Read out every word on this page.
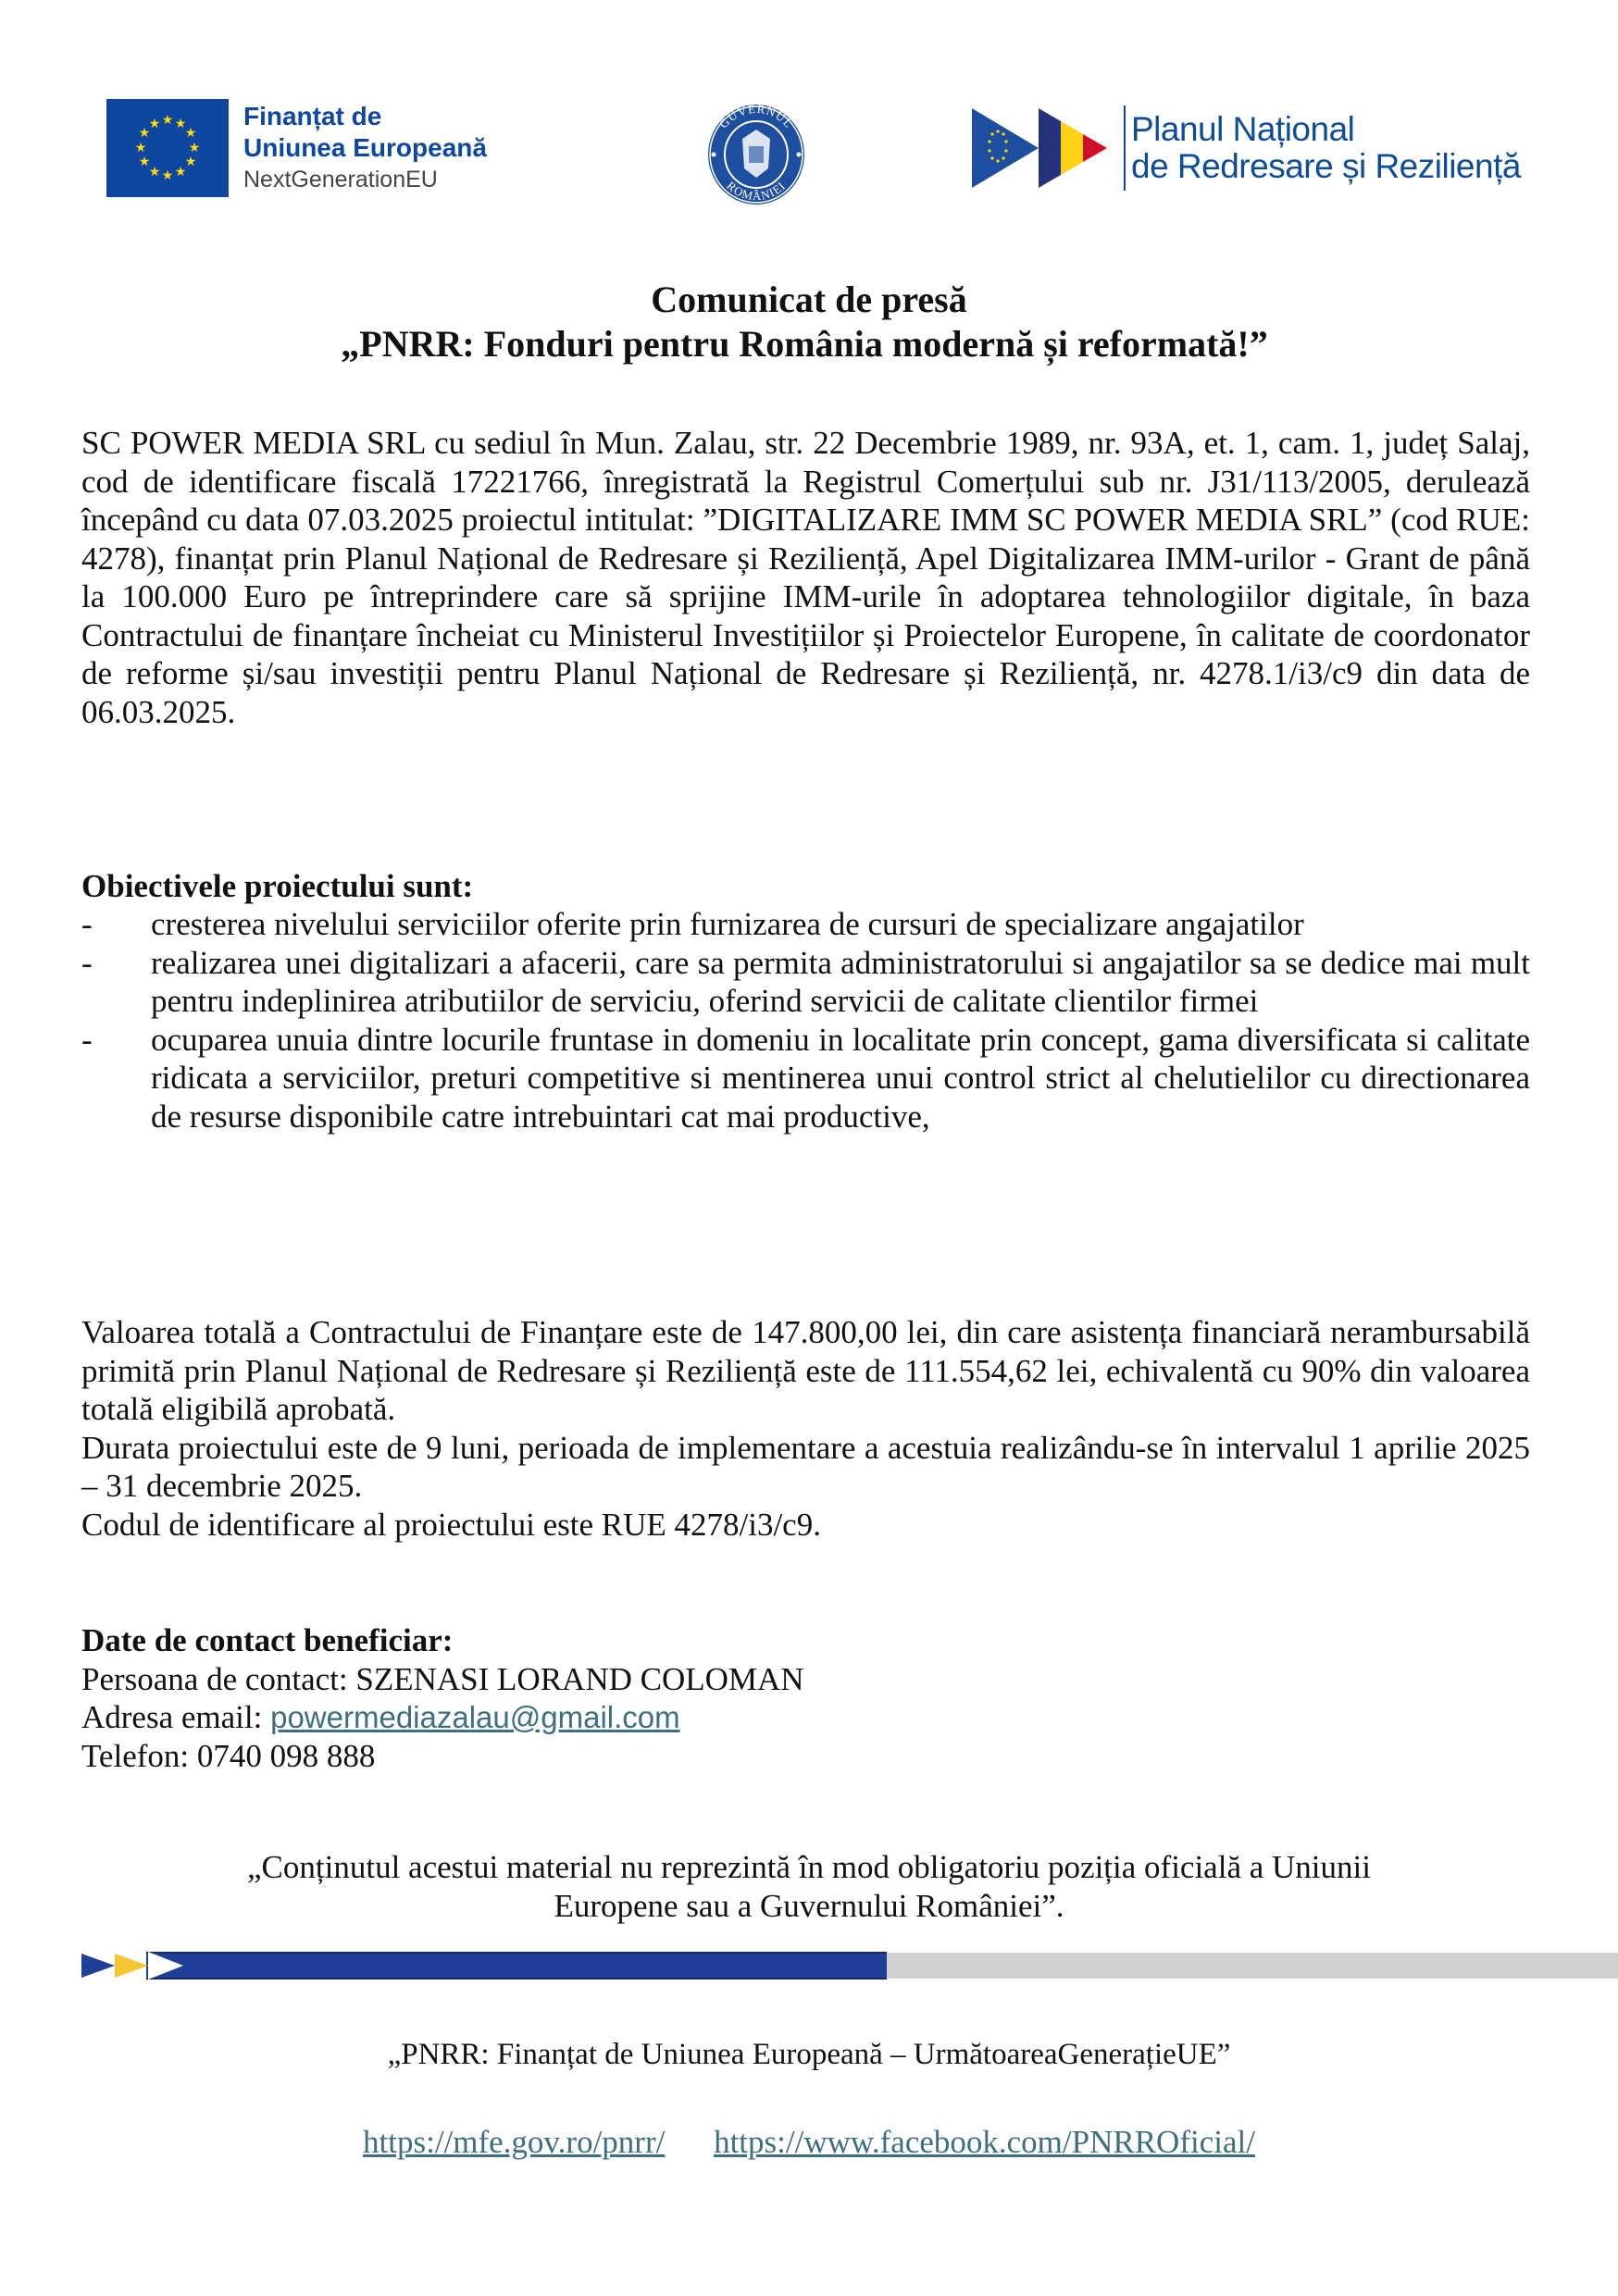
★ ★
★
★
★
★
★
★
★
★
★
★	Finanțat de
Uniunea Europeană
NextGenerationEU
GUVERNUL
ROMÂNIEI
Planul Național
de Redresare și Reziliență
Comunicat de presă
„PNRR: Fonduri pentru România modernă și reformată!”
SC POWER MEDIA SRL cu sediul în Mun. Zalau, str. 22 Decembrie 1989, nr. 93A, et. 1, cam. 1, județ Salaj, cod de identificare fiscală 17221766, înregistrată la Registrul Comerțului sub nr. J31/113/2005, derulează începând cu data 07.03.2025 proiectul intitulat: ”DIGITALIZARE IMM SC POWER MEDIA SRL” (cod RUE: 4278), finanțat prin Planul Național de Redresare și Reziliență, Apel Digitalizarea IMM-urilor - Grant de până la 100.000 Euro pe întreprindere care să sprijine IMM-urile în adoptarea tehnologiilor digitale, în baza Contractului de finanțare încheiat cu Ministerul Investițiilor și Proiectelor Europene, în calitate de coordonator de reforme și/sau investiții pentru Planul Național de Redresare și Reziliență, nr. 4278.1/i3/c9 din data de 06.03.2025.
Obiectivele proiectului sunt:
- cresterea nivelului serviciilor oferite prin furnizarea de cursuri de specializare angajatilor
- realizarea unei digitalizari a afacerii, care sa permita administratorului si angajatilor sa se dedice mai mult pentru indeplinirea atributiilor de serviciu, oferind servicii de calitate clientilor firmei
- ocuparea unuia dintre locurile fruntase in domeniu in localitate prin concept, gama diversificata si calitate ridicata a serviciilor, preturi competitive si mentinerea unui control strict al chelutielilor cu directionarea de resurse disponibile catre intrebuintari cat mai productive,
Valoarea totală a Contractului de Finanțare este de 147.800,00 lei, din care asistența financiară nerambursabilă primită prin Planul Național de Redresare și Reziliență este de 111.554,62 lei, echivalentă cu 90% din valoarea totală eligibilă aprobată.
Durata proiectului este de 9 luni, perioada de implementare a acestuia realizându-se în intervalul 1 aprilie 2025 – 31 decembrie 2025.
Codul de identificare al proiectului este RUE 4278/i3/c9.
Date de contact beneficiar:
Persoana de contact: SZENASI LORAND COLOMAN
Adresa email: powermediazalau@gmail.com
Telefon: 0740 098 888
„Conținutul acestui material nu reprezintă în mod obligatoriu poziția oficială a Uniunii
Europene sau a Guvernului României”.
„PNRR: Finanțat de Uniunea Europeană – UrmătoareaGenerațieUE”
https://mfe.gov.ro/pnrr/ https://www.facebook.com/PNRROficial/
